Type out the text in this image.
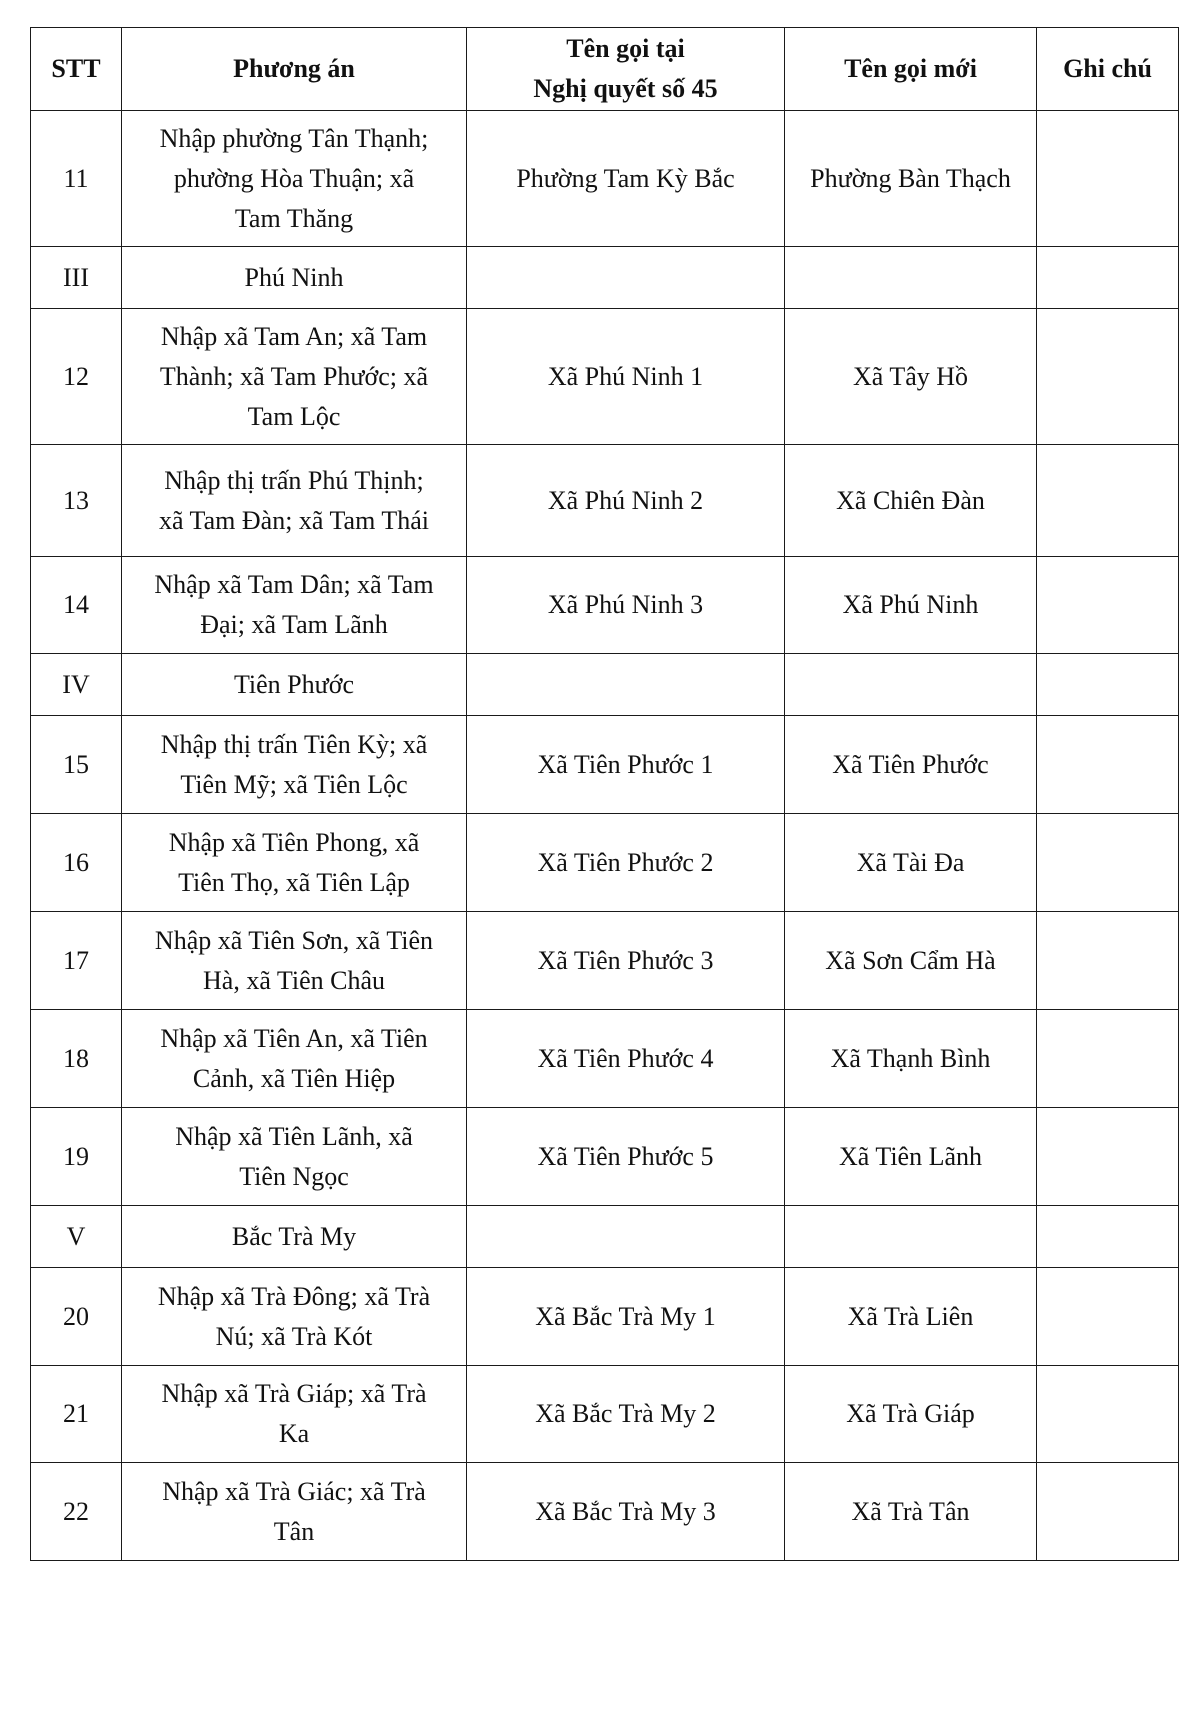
STT	Phương án	Tên gọi tại
Nghị quyết số 45	Tên gọi mới	Ghi chú
11	Nhập phường Tân Thạnh;
phường Hòa Thuận; xã
Tam Thăng	Phường Tam Kỳ Bắc	Phường Bàn Thạch	
III	Phú Ninh			
12	Nhập xã Tam An; xã Tam
Thành; xã Tam Phước; xã
Tam Lộc	Xã Phú Ninh 1	Xã Tây Hồ	
13	Nhập thị trấn Phú Thịnh;
xã Tam Đàn; xã Tam Thái	Xã Phú Ninh 2	Xã Chiên Đàn	
14	Nhập xã Tam Dân; xã Tam
Đại; xã Tam Lãnh	Xã Phú Ninh 3	Xã Phú Ninh	
IV	Tiên Phước			
15	Nhập thị trấn Tiên Kỳ; xã
Tiên Mỹ; xã Tiên Lộc	Xã Tiên Phước 1	Xã Tiên Phước	
16	Nhập xã Tiên Phong, xã
Tiên Thọ, xã Tiên Lập	Xã Tiên Phước 2	Xã Tài Đa	
17	Nhập xã Tiên Sơn, xã Tiên
Hà, xã Tiên Châu	Xã Tiên Phước 3	Xã Sơn Cẩm Hà	
18	Nhập xã Tiên An, xã Tiên
Cảnh, xã Tiên Hiệp	Xã Tiên Phước 4	Xã Thạnh Bình	
19	Nhập xã Tiên Lãnh, xã
Tiên Ngọc	Xã Tiên Phước 5	Xã Tiên Lãnh	
V	Bắc Trà My			
20	Nhập xã Trà Đông; xã Trà
Nú; xã Trà Kót	Xã Bắc Trà My 1	Xã Trà Liên	
21	Nhập xã Trà Giáp; xã Trà
Ka	Xã Bắc Trà My 2	Xã Trà Giáp	
22	Nhập xã Trà Giác; xã Trà
Tân	Xã Bắc Trà My 3	Xã Trà Tân	
